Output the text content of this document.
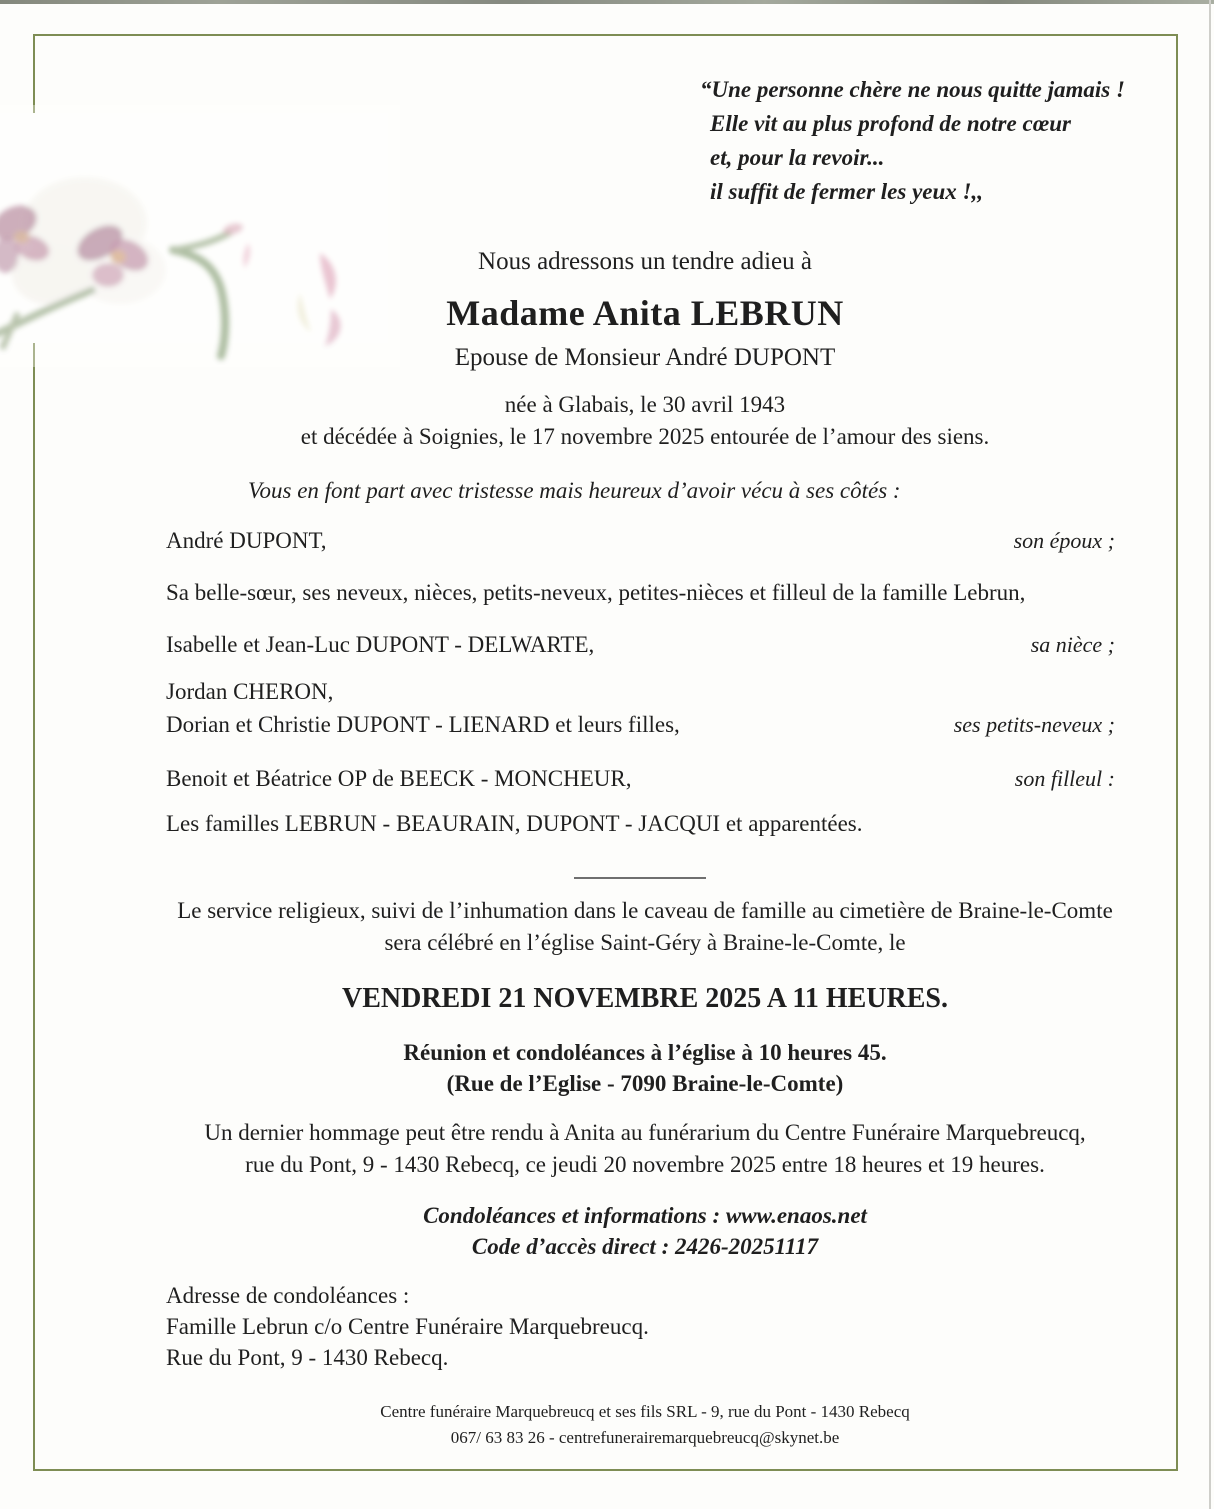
“Une personne chère ne nous quitte jamais !
Elle vit au plus profond de notre cœur
et, pour la revoir...
il suffit de fermer les yeux !,,
Nous adressons un tendre adieu à
Madame Anita LEBRUN
Epouse de Monsieur André DUPONT
née à Glabais, le 30 avril 1943
et décédée à Soignies, le 17 novembre 2025 entourée de l’amour des siens.
Vous en font part avec tristesse mais heureux d’avoir vécu à ses côtés :
André DUPONT,	son époux ;
Sa belle-sœur, ses neveux, nièces, petits-neveux, petites-nièces et filleul de la famille Lebrun,
Isabelle et Jean-Luc DUPONT - DELWARTE,	sa nièce ;
Jordan CHERON,
Dorian et Christie DUPONT - LIENARD et leurs filles,	ses petits-neveux ;
Benoit et Béatrice OP de BEECK - MONCHEUR,	son filleul :
Les familles LEBRUN - BEAURAIN, DUPONT - JACQUI et apparentées.
Le service religieux, suivi de l’inhumation dans le caveau de famille au cimetière de Braine-le-Comte
sera célébré en l’église Saint-Géry à Braine-le-Comte, le
VENDREDI 21 NOVEMBRE 2025 A 11 HEURES.
Réunion et condoléances à l’église à 10 heures 45.
(Rue de l’Eglise - 7090 Braine-le-Comte)
Un dernier hommage peut être rendu à Anita au funérarium du Centre Funéraire Marquebreucq,
rue du Pont, 9 - 1430 Rebecq, ce jeudi 20 novembre 2025 entre 18 heures et 19 heures.
Condoléances et informations : www.enaos.net
Code d’accès direct : 2426-20251117
Adresse de condoléances :
Famille Lebrun c/o Centre Funéraire Marquebreucq.
Rue du Pont, 9 - 1430 Rebecq.
Centre funéraire Marquebreucq et ses fils SRL - 9, rue du Pont - 1430 Rebecq
067/ 63 83 26 - centrefunerairemarquebreucq@skynet.be
